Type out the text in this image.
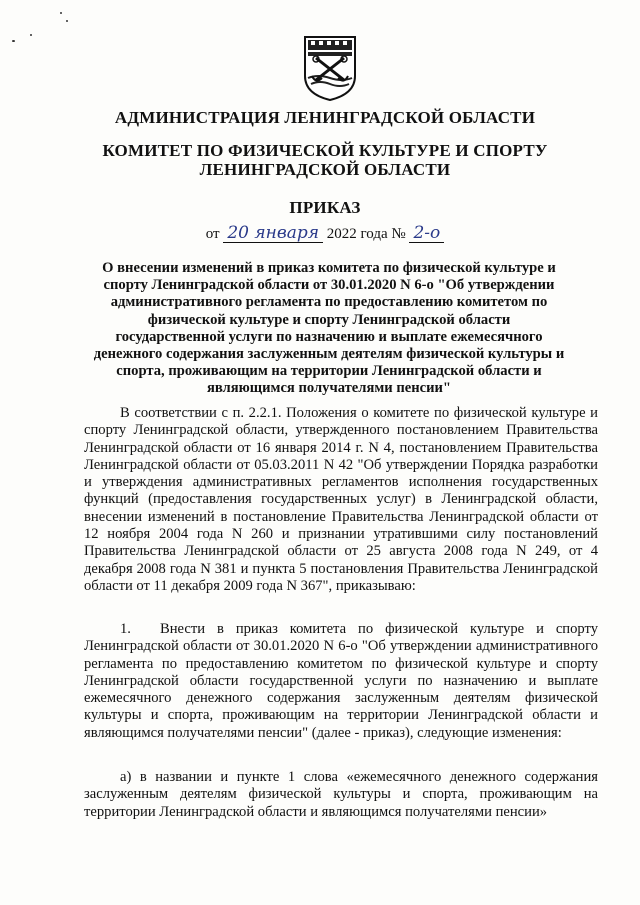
АДМИНИСТРАЦИЯ ЛЕНИНГРАДСКОЙ ОБЛАСТИ
КОМИТЕТ ПО ФИЗИЧЕСКОЙ КУЛЬТУРЕ И СПОРТУ
ЛЕНИНГРАДСКОЙ ОБЛАСТИ
ПРИКАЗ
от 20 января 2022 года № 2-о

О внесении изменений в приказ комитета по физической культуре и спорту Ленинградской области от 30.01.2020 N 6-о "Об утверждении административного регламента по предоставлению комитетом по физической культуре и спорту Ленинградской области государственной услуги по назначению и выплате ежемесячного денежного содержания заслуженным деятелям физической культуры и спорта, проживающим на территории Ленинградской области и являющимся получателями пенсии"

В соответствии с п. 2.2.1. Положения о комитете по физической культуре и спорту Ленинградской области, утвержденного постановлением Правительства Ленинградской области от 16 января 2014 г. N 4, постановлением Правительства Ленинградской области от 05.03.2011 N 42 "Об утверждении Порядка разработки и утверждения административных регламентов исполнения государственных функций (предоставления государственных услуг) в Ленинградской области, внесении изменений в постановление Правительства Ленинградской области от 12 ноября 2004 года N 260 и признании утратившими силу постановлений Правительства Ленинградской области от 25 августа 2008 года N 249, от 4 декабря 2008 года N 381 и пункта 5 постановления Правительства Ленинградской области от 11 декабря 2009 года N 367", приказываю:

1. Внести в приказ комитета по физической культуре и спорту Ленинградской области от 30.01.2020 N 6-о "Об утверждении административного регламента по предоставлению комитетом по физической культуре и спорту Ленинградской области государственной услуги по назначению и выплате ежемесячного денежного содержания заслуженным деятелям физической культуры и спорта, проживающим на территории Ленинградской области и являющимся получателями пенсии" (далее - приказ), следующие изменения:

а) в названии и пункте 1 слова «ежемесячного денежного содержания заслуженным деятелям физической культуры и спорта, проживающим на территории Ленинградской области и являющимся получателями пенсии»
